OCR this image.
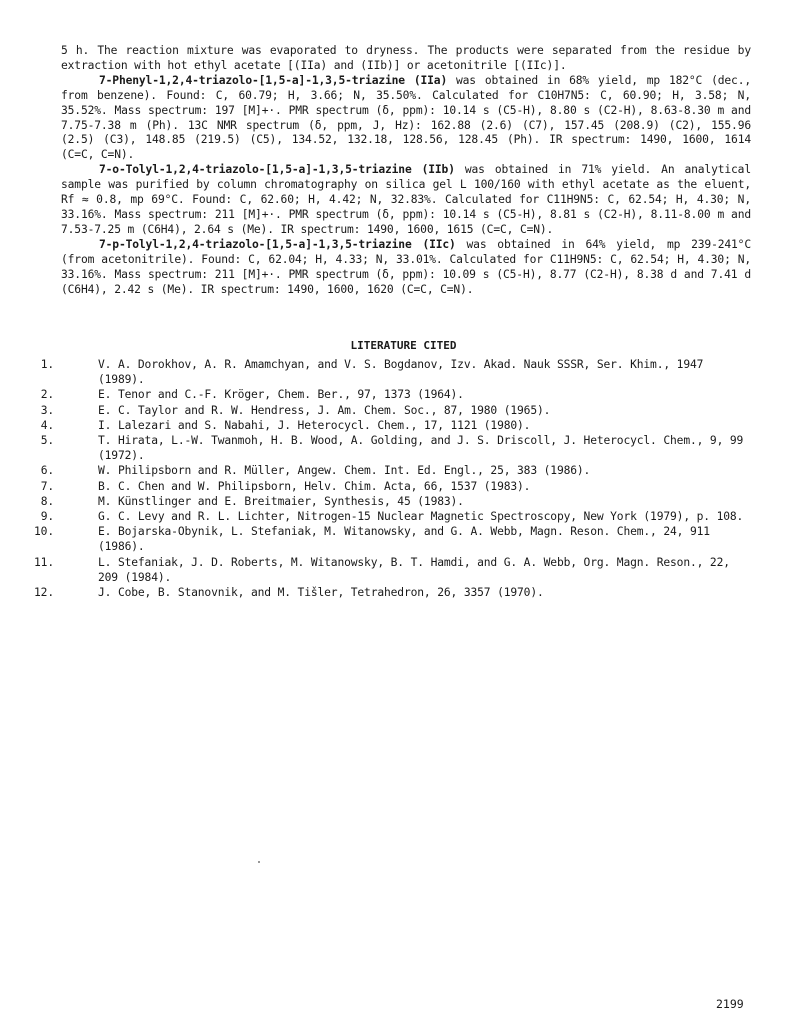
5 h. The reaction mixture was evaporated to dryness. The products were separated from the residue by extraction with hot ethyl acetate [(IIa) and (IIb)] or acetonitrile [(IIc)].

7-Phenyl-1,2,4-triazolo-[1,5-a]-1,3,5-triazine (IIa) was obtained in 68% yield, mp 182°C (dec., from benzene). Found: C, 60.79; H, 3.66; N, 35.50%. Calculated for C10H7N5: C, 60.90; H, 3.58; N, 35.52%. Mass spectrum: 197 [M]+·. PMR spectrum (δ, ppm): 10.14 s (C5-H), 8.80 s (C2-H), 8.63-8.30 m and 7.75-7.38 m (Ph). 13C NMR spectrum (δ, ppm, J, Hz): 162.88 (2.6) (C7), 157.45 (208.9) (C2), 155.96 (2.5) (C3), 148.85 (219.5) (C5), 134.52, 132.18, 128.56, 128.45 (Ph). IR spectrum: 1490, 1600, 1614 (C=C, C=N).

7-o-Tolyl-1,2,4-triazolo-[1,5-a]-1,3,5-triazine (IIb) was obtained in 71% yield. An analytical sample was purified by column chromatography on silica gel L 100/160 with ethyl acetate as the eluent, Rf ≈ 0.8, mp 69°C. Found: C, 62.60; H, 4.42; N, 32.83%. Calculated for C11H9N5: C, 62.54; H, 4.30; N, 33.16%. Mass spectrum: 211 [M]+·. PMR spectrum (δ, ppm): 10.14 s (C5-H), 8.81 s (C2-H), 8.11-8.00 m and 7.53-7.25 m (C6H4), 2.64 s (Me). IR spectrum: 1490, 1600, 1615 (C=C, C=N).

7-p-Tolyl-1,2,4-triazolo-[1,5-a]-1,3,5-triazine (IIc) was obtained in 64% yield, mp 239-241°C (from acetonitrile). Found: C, 62.04; H, 4.33; N, 33.01%. Calculated for C11H9N5: C, 62.54; H, 4.30; N, 33.16%. Mass spectrum: 211 [M]+·. PMR spectrum (δ, ppm): 10.09 s (C5-H), 8.77 (C2-H), 8.38 d and 7.41 d (C6H4), 2.42 s (Me). IR spectrum: 1490, 1600, 1620 (C=C, C=N).

LITERATURE CITED
1.	V. A. Dorokhov, A. R. Amamchyan, and V. S. Bogdanov, Izv. Akad. Nauk SSSR, Ser. Khim., 1947 (1989).
2.	E. Tenor and C.-F. Kröger, Chem. Ber., 97, 1373 (1964).
3.	E. C. Taylor and R. W. Hendress, J. Am. Chem. Soc., 87, 1980 (1965).
4.	I. Lalezari and S. Nabahi, J. Heterocycl. Chem., 17, 1121 (1980).
5.	T. Hirata, L.-W. Twanmoh, H. B. Wood, A. Golding, and J. S. Driscoll, J. Heterocycl. Chem., 9, 99 (1972).
6.	W. Philipsborn and R. Müller, Angew. Chem. Int. Ed. Engl., 25, 383 (1986).
7.	B. C. Chen and W. Philipsborn, Helv. Chim. Acta, 66, 1537 (1983).
8.	M. Künstlinger and E. Breitmaier, Synthesis, 45 (1983).
9.	G. C. Levy and R. L. Lichter, Nitrogen-15 Nuclear Magnetic Spectroscopy, New York (1979), p. 108.
10.	E. Bojarska-Obynik, L. Stefaniak, M. Witanowsky, and G. A. Webb, Magn. Reson. Chem., 24, 911 (1986).
11.	L. Stefaniak, J. D. Roberts, M. Witanowsky, B. T. Hamdi, and G. A. Webb, Org. Magn. Reson., 22, 209 (1984).
12.	J. Cobe, B. Stanovnik, and M. Tišler, Tetrahedron, 26, 3357 (1970).
2199
